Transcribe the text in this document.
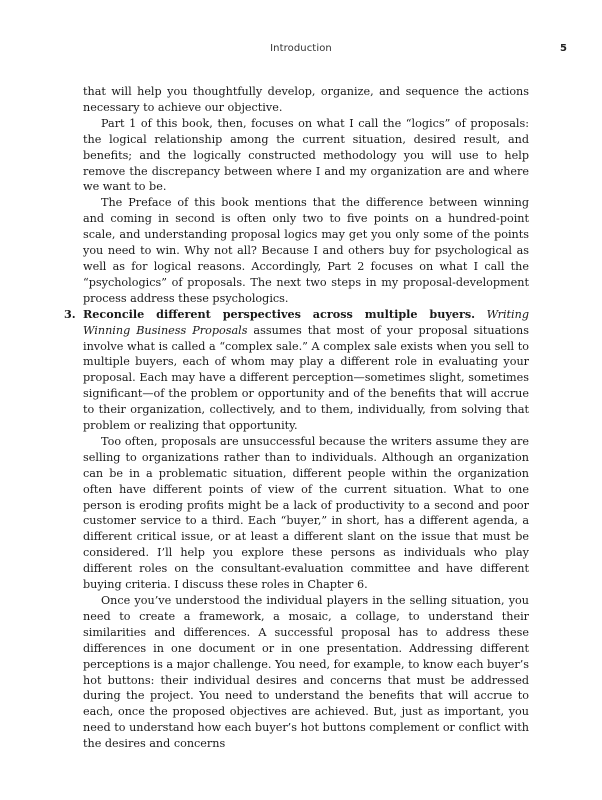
Introduction	5

that will help you thoughtfully develop, organize, and sequence the actions necessary to achieve our objective.

Part 1 of this book, then, focuses on what I call the “logics” of proposals: the logical relationship among the current situation, desired result, and benefits; and the logically constructed methodology you will use to help remove the discrepancy between where I and my organization are and where we want to be.

The Preface of this book mentions that the difference between winning and coming in second is often only two to five points on a hundred-point scale, and understanding proposal logics may get you only some of the points you need to win. Why not all? Because I and others buy for psychological as well as for logical reasons. Accordingly, Part 2 focuses on what I call the “psychologics” of proposals. The next two steps in my proposal-development process address these psychologics.

3. Reconcile different perspectives across multiple buyers. Writing Winning Business Proposals assumes that most of your proposal situations involve what is called a “complex sale.” A complex sale exists when you sell to multiple buyers, each of whom may play a different role in evaluating your proposal. Each may have a different perception—sometimes slight, sometimes significant—of the problem or opportunity and of the benefits that will accrue to their organization, collectively, and to them, individually, from solving that problem or realizing that opportunity.

Too often, proposals are unsuccessful because the writers assume they are selling to organizations rather than to individuals. Although an organization can be in a problematic situation, different people within the organization often have different points of view of the current situation. What to one person is eroding profits might be a lack of productivity to a second and poor customer service to a third. Each “buyer,” in short, has a different agenda, a different critical issue, or at least a different slant on the issue that must be considered. I’ll help you explore these persons as individuals who play different roles on the consultant-evaluation committee and have different buying criteria. I discuss these roles in Chapter 6.

Once you’ve understood the individual players in the selling situation, you need to create a framework, a mosaic, a collage, to understand their similarities and differences. A successful proposal has to address these differences in one document or in one presentation. Addressing different perceptions is a major challenge. You need, for example, to know each buyer’s hot buttons: their individual desires and concerns that must be addressed during the project. You need to understand the benefits that will accrue to each, once the proposed objectives are achieved. But, just as important, you need to understand how each buyer’s hot buttons complement or conflict with the desires and concerns
